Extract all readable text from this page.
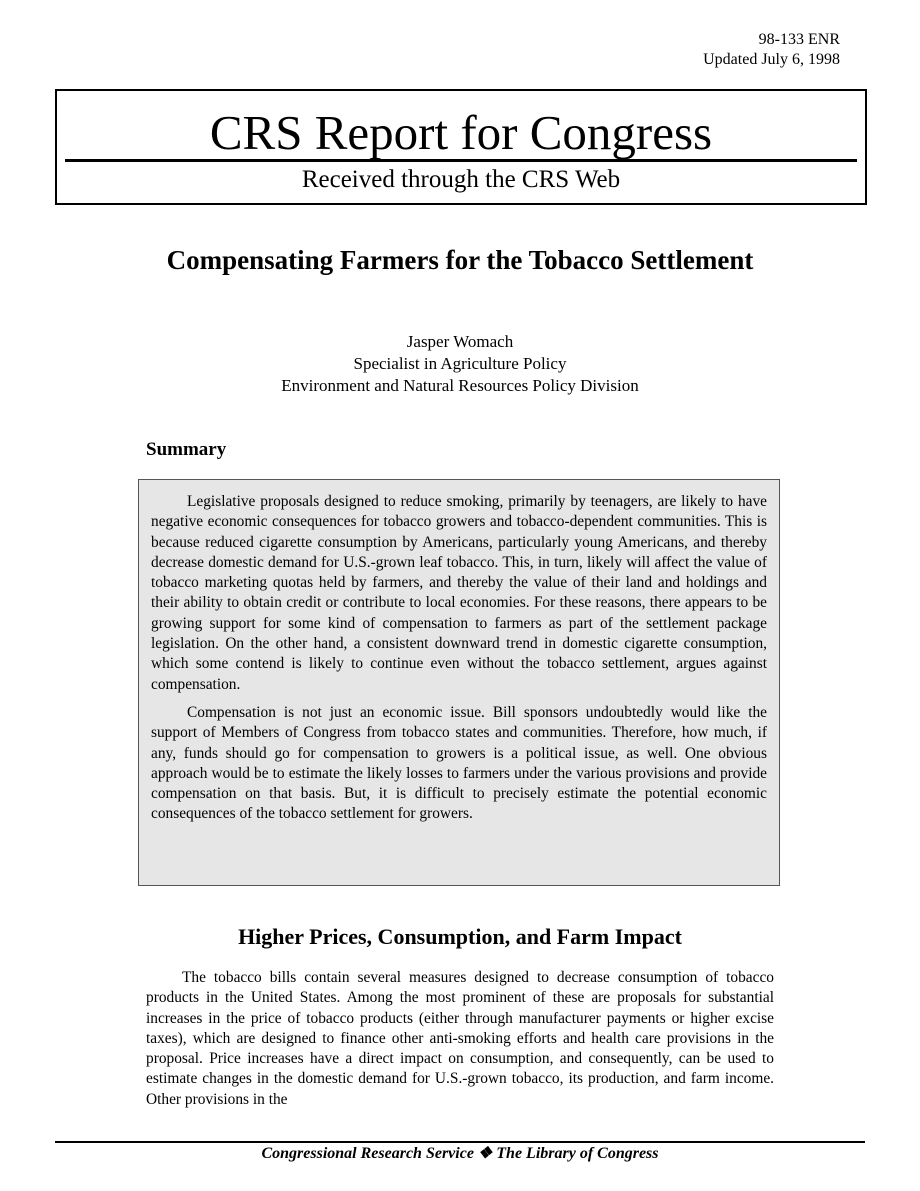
98-133 ENR
Updated July 6, 1998
CRS Report for Congress
Received through the CRS Web
Compensating Farmers for the Tobacco Settlement
Jasper Womach
Specialist in Agriculture Policy
Environment and Natural Resources Policy Division
Summary

Legislative proposals designed to reduce smoking, primarily by teenagers, are likely to have negative economic consequences for tobacco growers and tobacco-dependent communities. This is because reduced cigarette consumption by Americans, particularly young Americans, and thereby decrease domestic demand for U.S.-grown leaf tobacco. This, in turn, likely will affect the value of tobacco marketing quotas held by farmers, and thereby the value of their land and holdings and their ability to obtain credit or contribute to local economies. For these reasons, there appears to be growing support for some kind of compensation to farmers as part of the settlement package legislation. On the other hand, a consistent downward trend in domestic cigarette consumption, which some contend is likely to continue even without the tobacco settlement, argues against compensation.

Compensation is not just an economic issue. Bill sponsors undoubtedly would like the support of Members of Congress from tobacco states and communities. Therefore, how much, if any, funds should go for compensation to growers is a political issue, as well. One obvious approach would be to estimate the likely losses to farmers under the various provisions and provide compensation on that basis. But, it is difficult to precisely estimate the potential economic consequences of the tobacco settlement for growers.

Higher Prices, Consumption, and Farm Impact

The tobacco bills contain several measures designed to decrease consumption of tobacco products in the United States. Among the most prominent of these are proposals for substantial increases in the price of tobacco products (either through manufacturer payments or higher excise taxes), which are designed to finance other anti-smoking efforts and health care provisions in the proposal. Price increases have a direct impact on consumption, and consequently, can be used to estimate changes in the domestic demand for U.S.-grown tobacco, its production, and farm income. Other provisions in the

Congressional Research Service ❖ The Library of Congress
